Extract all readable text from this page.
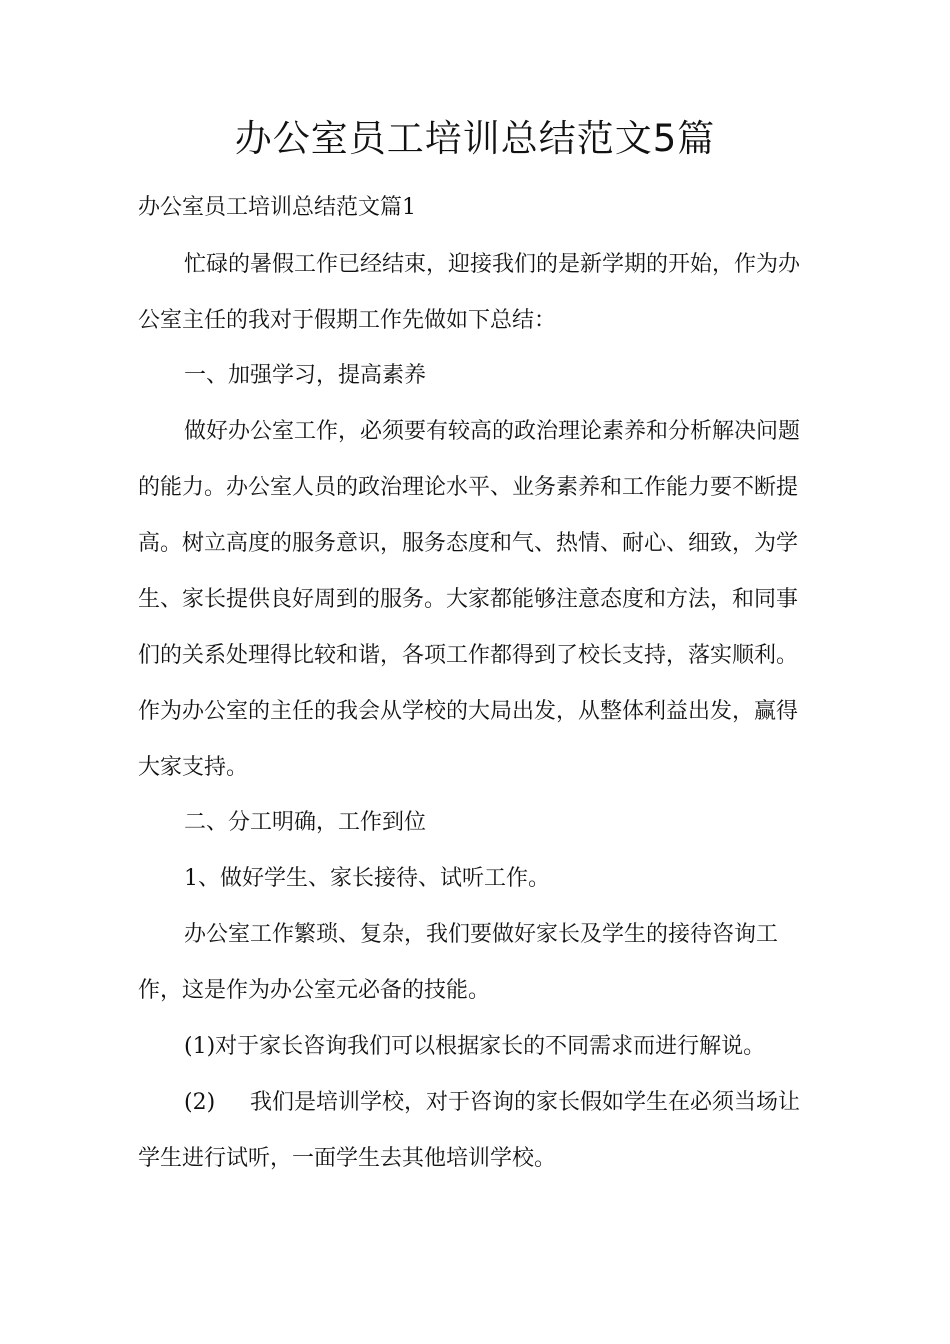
办公室员工培训总结范文5篇
办公室员工培训总结范文篇1
忙碌的暑假工作已经结束，迎接我们的是新学期的开始，作为办
公室主任的我对于假期工作先做如下总结：
一、加强学习，提高素养
做好办公室工作，必须要有较高的政治理论素养和分析解决问题
的能力。办公室人员的政治理论水平、业务素养和工作能力要不断提
高。树立高度的服务意识，服务态度和气、热情、耐心、细致，为学
生、家长提供良好周到的服务。大家都能够注意态度和方法，和同事
们的关系处理得比较和谐，各项工作都得到了校长支持，落实顺利。
作为办公室的主任的我会从学校的大局出发，从整体利益出发，赢得
大家支持。
二、分工明确，工作到位
1、做好学生、家长接待、试听工作。
办公室工作繁琐、复杂，我们要做好家长及学生的接待咨询工
作，这是作为办公室元必备的技能。
(1)对于家长咨询我们可以根据家长的不同需求而进行解说。
(2) 我们是培训学校，对于咨询的家长假如学生在必须当场让
学生进行试听，一面学生去其他培训学校。
